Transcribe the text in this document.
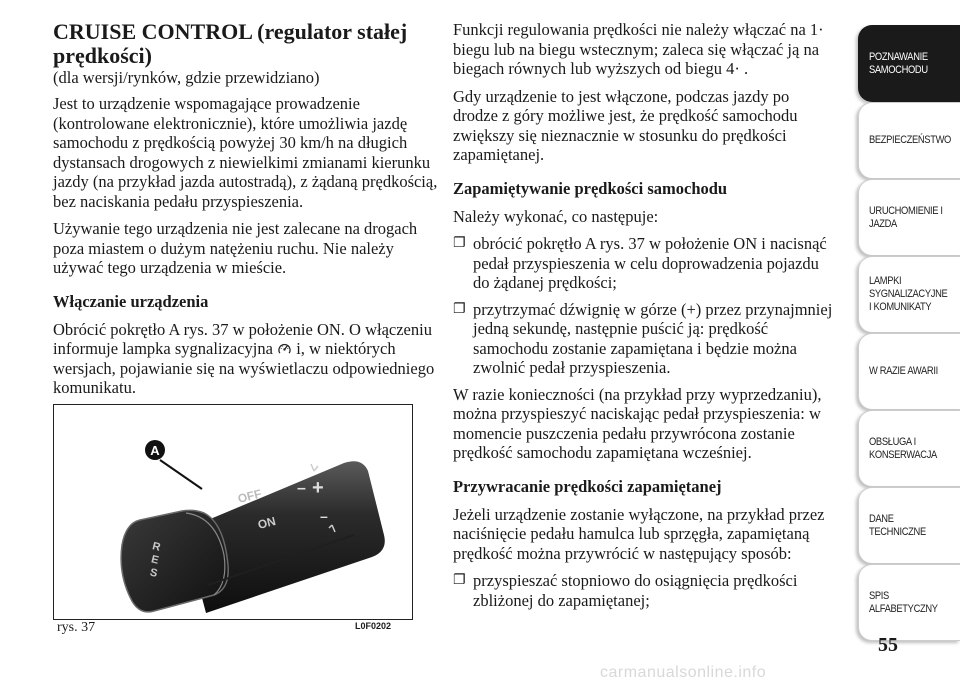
CRUISE CONTROL (regulator stałej prędkości)
(dla wersji/rynków, gdzie przewidziano)

Jest to urządzenie wspomagające prowadzenie (kontrolowane elektronicznie), które umożliwia jazdę samochodu z prędkością powyżej 30 km/h na długich dystansach drogowych z niewielkimi zmianami kierunku jazdy (na przykład jazda autostradą), z żądaną prędkością, bez naciskania pedału przyspieszenia.

Używanie tego urządzenia nie jest zalecane na drogach poza miastem o dużym natężeniu ruchu. Nie należy używać tego urządzenia w mieście.

Włączanie urządzenia

Obrócić pokrętło A rys. 37 w położenie ON. O włączeniu informuje lampka sygnalizacyjna i, w niektórych wersjach, pojawianie się na wyświetlaczu odpowiedniego komunikatu.

OFF
ON
– +
–
R
E
S
A
rys. 37	L0F0202

Funkcji regulowania prędkości nie należy włączać na 1· biegu lub na biegu wstecznym; zaleca się włączać ją na biegach równych lub wyższych od biegu 4· .

Gdy urządzenie to jest włączone, podczas jazdy po drodze z góry możliwe jest, że prędkość samochodu zwiększy się nieznacznie w stosunku do prędkości zapamiętanej.

Zapamiętywanie prędkości samochodu

Należy wykonać, co następuje:

❐ obrócić pokrętło A rys. 37 w położenie ON i nacisnąć pedał przyspieszenia w celu doprowadzenia pojazdu do żądanej prędkości;
❐ przytrzymać dźwignię w górze (+) przez przynajmniej jedną sekundę, następnie puścić ją: prędkość samochodu zostanie zapamiętana i będzie można zwolnić pedał przyspieszenia.

W razie konieczności (na przykład przy wyprzedzaniu), można przyspieszyć naciskając pedał przyspieszenia: w momencie puszczenia pedału przywrócona zostanie prędkość samochodu zapamiętana wcześniej.

Przywracanie prędkości zapamiętanej

Jeżeli urządzenie zostanie wyłączone, na przykład przez naciśnięcie pedału hamulca lub sprzęgła, zapamiętaną prędkość można przywrócić w następujący sposób:

❐ przyspieszać stopniowo do osiągnięcia prędkości zbliżonej do zapamiętanej;
POZNAWANIE
SAMOCHODU
BEZPIECZEŃSTWO
URUCHOMIENIE I
JAZDA
LAMPKI
SYGNALIZACYJNE
I KOMUNIKATY
W RAZIE AWARII
OBSŁUGA I
KONSERWACJA
DANE
TECHNICZNE
SPIS
ALFABETYCZNY
55
carmanualsonline.info
